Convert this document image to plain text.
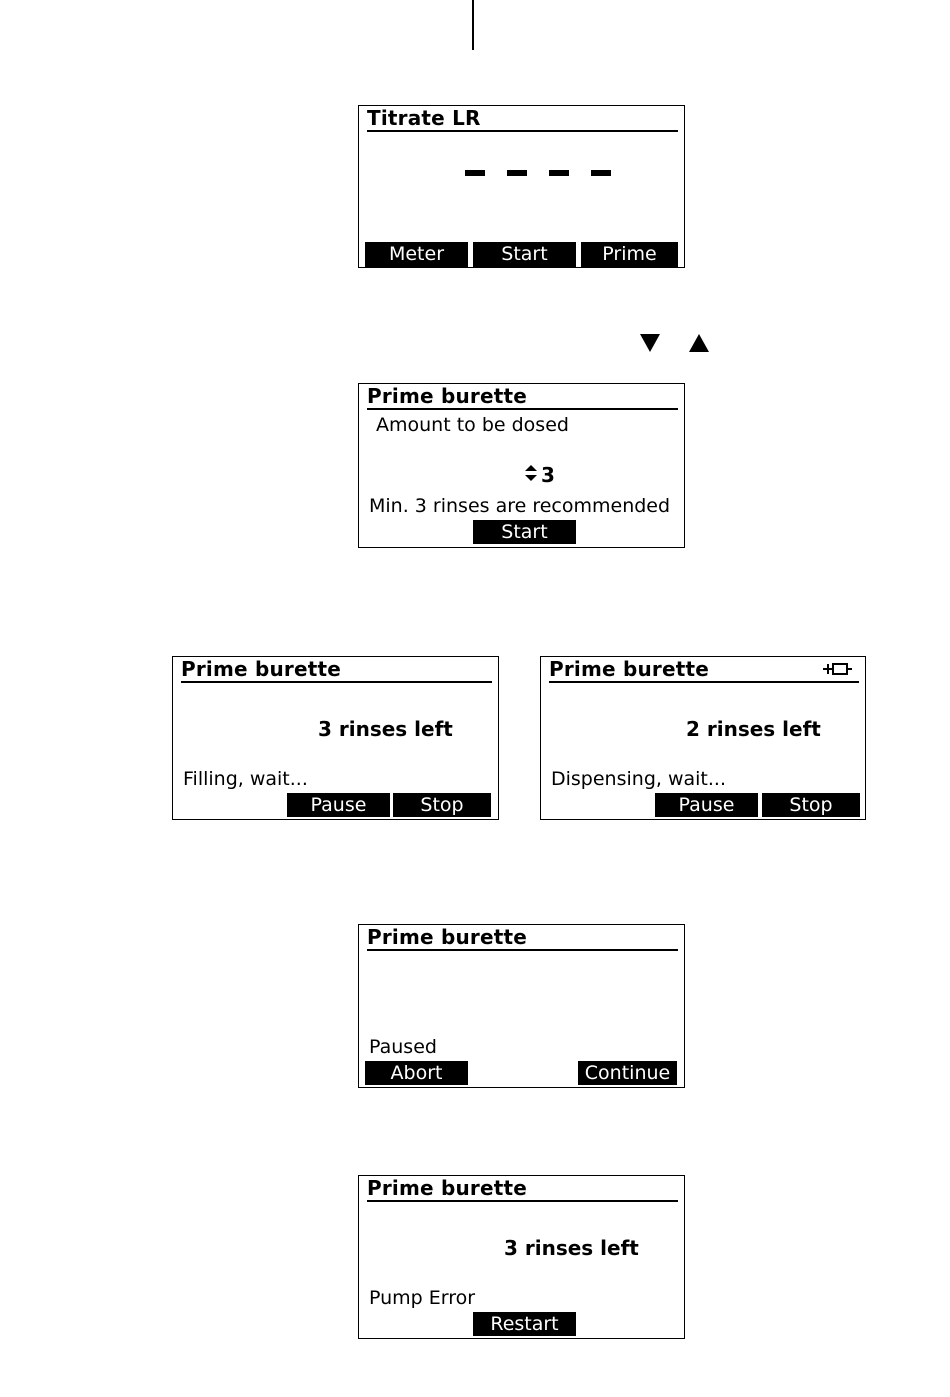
Titrate LR
Meter	Start	Prime
Prime burette
Amount to be dosed
3
Min. 3 rinses are recommended
Start
Prime burette
3 rinses left
Filling, wait...
Pause	Stop
Prime burette
2 rinses left
Dispensing, wait...
Pause	Stop
Prime burette
Paused
Abort	Continue
Prime burette
3 rinses left
Pump Error
Restart
